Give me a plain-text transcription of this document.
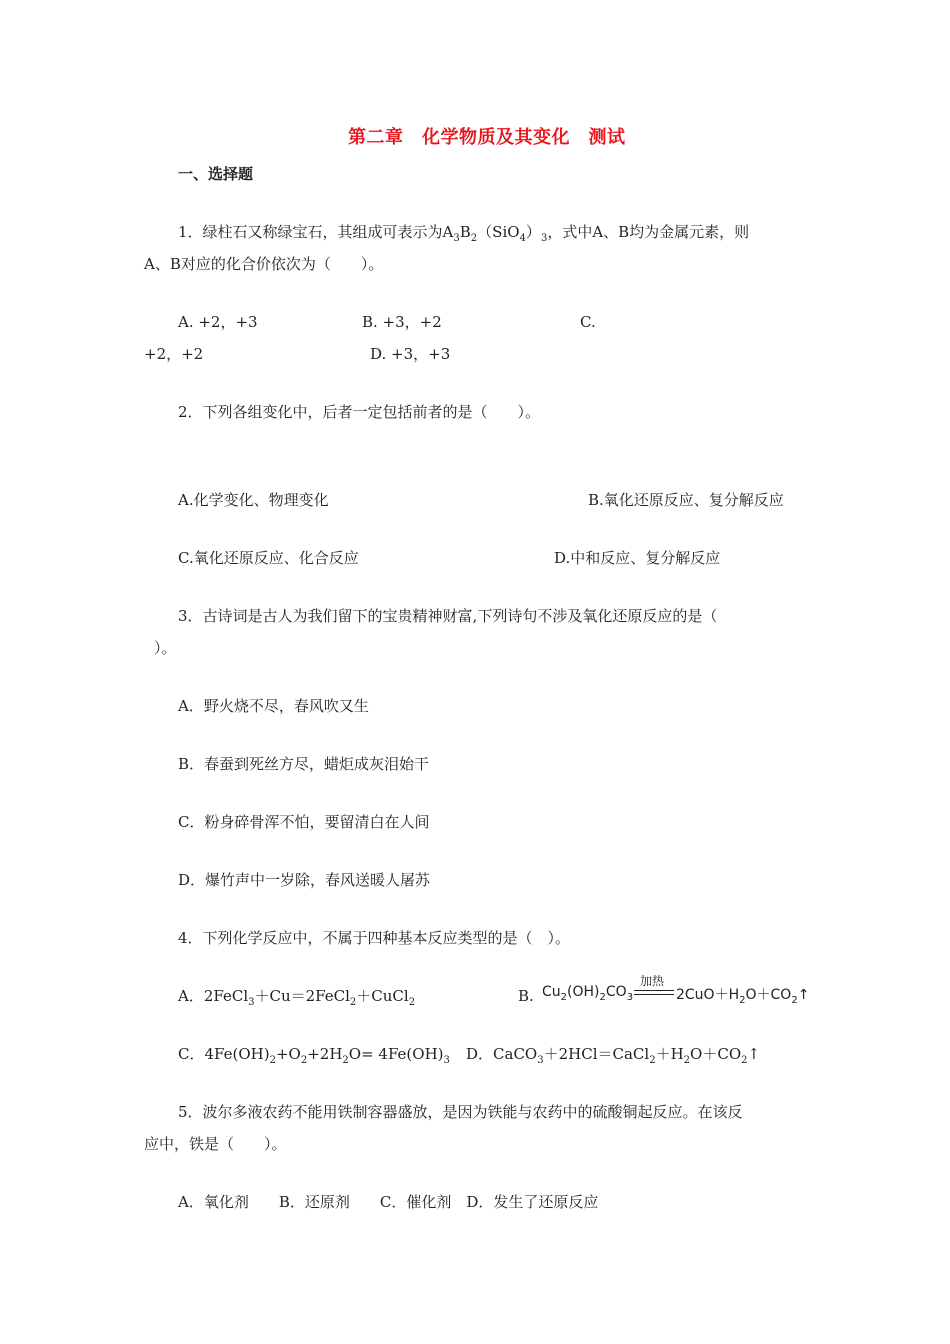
第二章　化学物质及其变化　测试
一、选择题
1．绿柱石又称绿宝石，其组成可表示为$A_3B_2(SiO_4)_3$，式中A、B均为金属元素，则
A、B对应的化合价依次为（　　）。
A. +2，+3	B. +3，+2	C.
+2，+2	D. +3，+3
2．下列各组变化中，后者一定包括前者的是（　　）。
A.化学变化、物理变化	B.氧化还原反应、复分解反应
C.氧化还原反应、化合反应	D.中和反应、复分解反应
3．古诗词是古人为我们留下的宝贵精神财富,下列诗句不涉及氧化还原反应的是（
）。
A．野火烧不尽，春风吹又生
B．春蚕到死丝方尽，蜡炬成灰泪始干
C．粉身碎骨浑不怕，要留清白在人间
D．爆竹声中一岁除，春风送暖人屠苏
4．下列化学反应中，不属于四种基本反应类型的是（　）。
A．2FeCl$_3$＋Cu＝2FeCl$_2$＋CuCl$_2$	B. $Cu_2(OH)_2CO_3$
加热
$2CuO+H_2O+CO_2↑$
C．$4Fe(OH)_2+O_2+2H_2O= 4Fe(OH)_3$ D．$CaCO_3+2HCl=CaCl_2+H_2O+CO_2↑$
5．波尔多液农药不能用铁制容器盛放，是因为铁能与农药中的硫酸铜起反应。在该反
应中，铁是（　　）。
A．氧化剂　　B．还原剂　　C．催化剂　D．发生了还原反应
